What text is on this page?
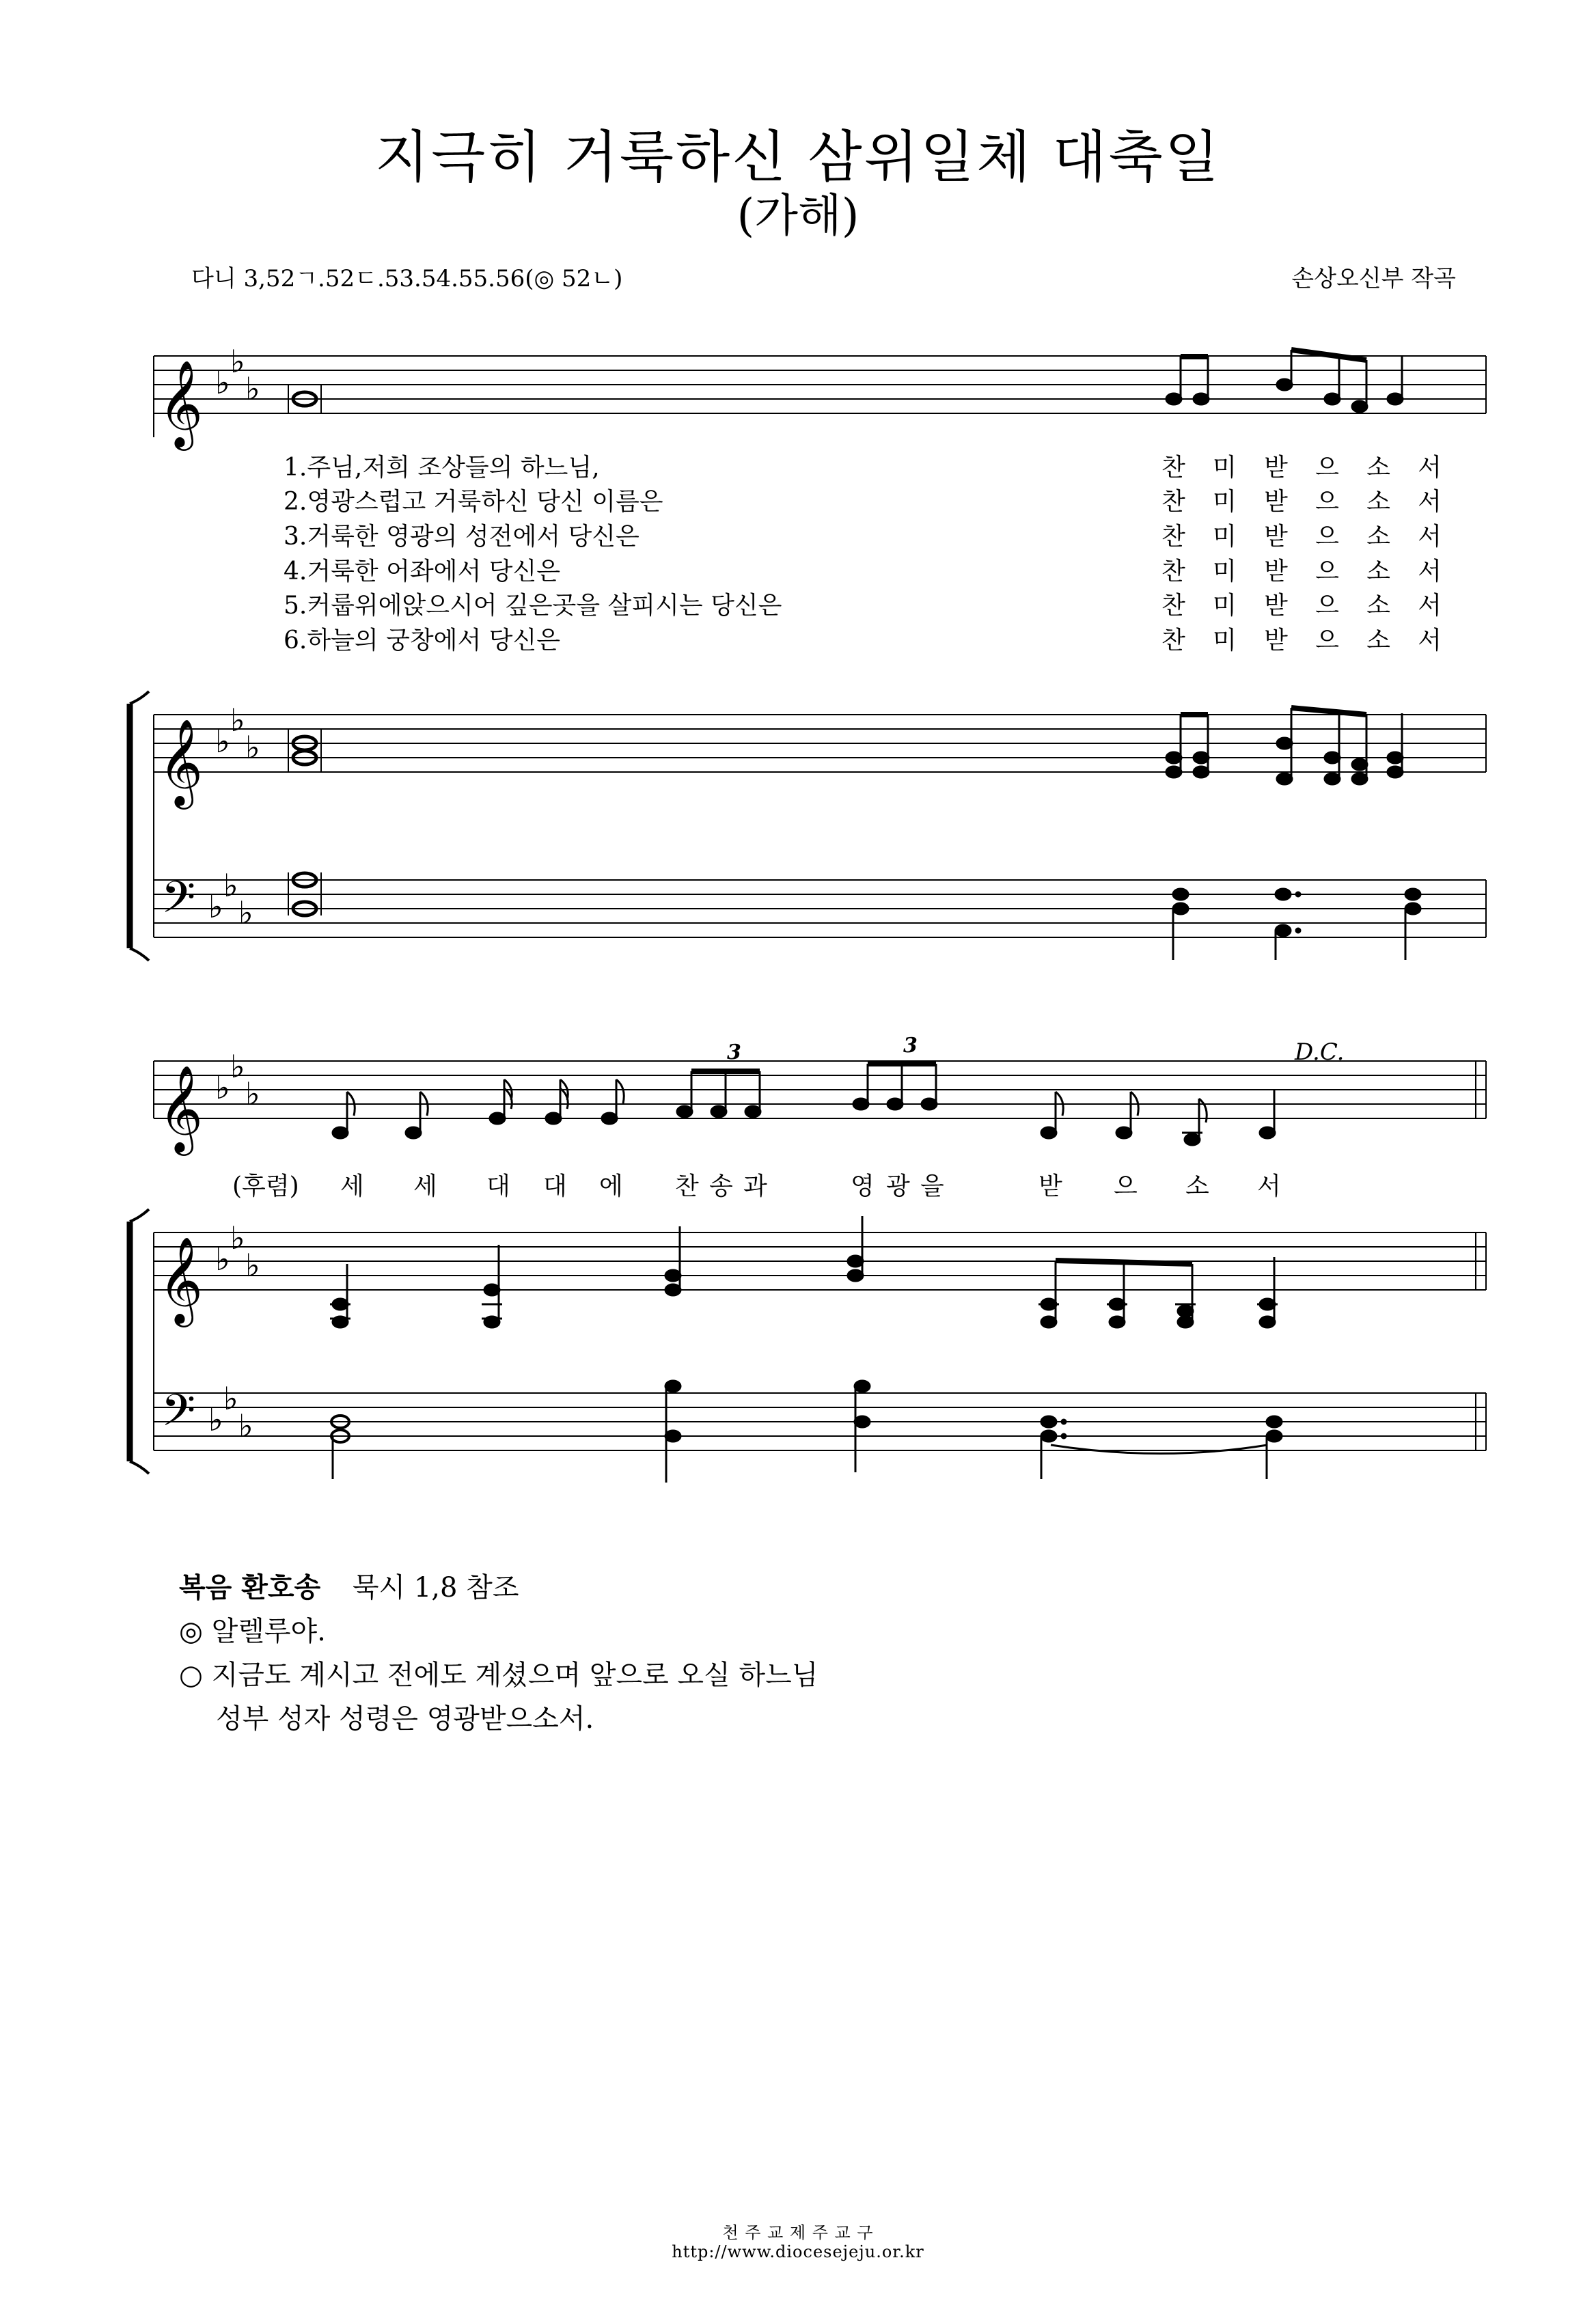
지극히 거룩하신 삼위일체 대축일
(가해)
다니 3,52ㄱ.52ㄷ.53.54.55.56(◎ 52ㄴ)	손상오신부 작곡
𝄞
𝄞
𝄢
𝄞
𝄞
𝄢
♭
♭
♭
♭
♭
♭
♭
♭
♭
♭
♭
♭
♭
♭
♭
♭
♭
♭
3	3
1.주님,저희 조상들의 하느님,
2.영광스럽고 거룩하신 당신 이름은
3.거룩한 영광의 성전에서 당신은
4.거룩한 어좌에서 당신은
5.커룹위에앉으시어 깊은곳을 살피시는 당신은
6.하늘의 궁창에서 당신은
찬 미 받 으 소 서
찬 미 받 으 소 서
찬 미 받 으 소 서
찬 미 받 으 소 서
찬 미 받 으 소 서
찬 미 받 으 소 서
D.C.
(후렴) 세 세 대 대 에 찬 송 과	영 광 을	받 으 소 서
복음 환호송 묵시 1,8 참조
◎ 알렐루야.
○ 지금도 계시고 전에도 계셨으며 앞으로 오실 하느님
성부 성자 성령은 영광받으소서.
천 주 교 제 주 교 구
http://www.diocesejeju.or.kr
